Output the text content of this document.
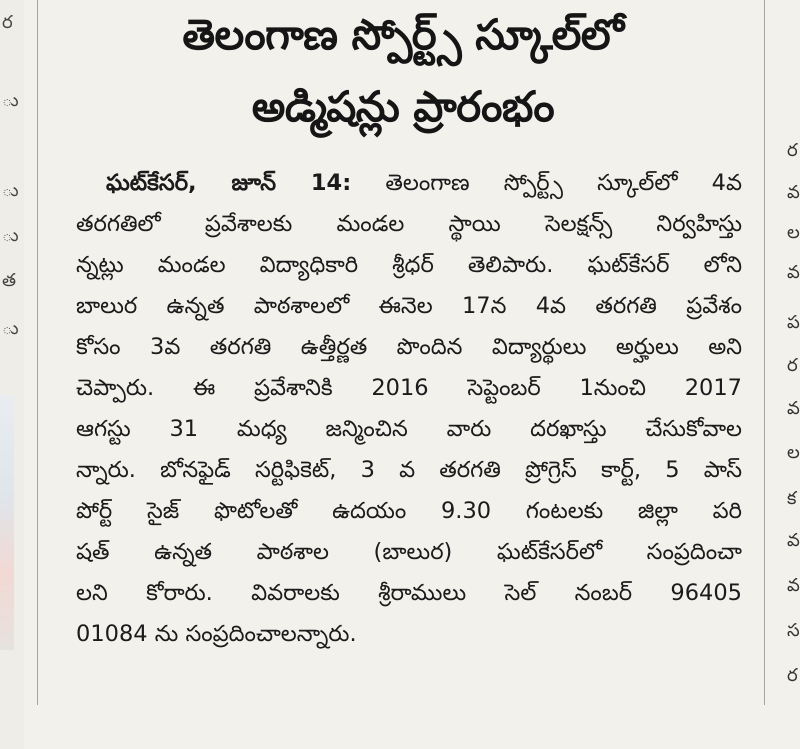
ర
ు
ు
ు
త
ు
ర
వ
ల
వ
ప
ర
వ
ల
క
వ
వ
స
ర
తెలంగాణ స్పోర్ట్స్ స్కూల్‌లో
అడ్మిషన్లు ప్రారంభం
ఘట్‌కేసర్, జూన్ 14: తెలంగాణ స్పోర్ట్స్ స్కూల్‌లో 4వ
తరగతిలో ప్రవేశాలకు మండల స్థాయి సెలక్షన్స్ నిర్వహిస్తు
న్నట్లు మండల విద్యాధికారి శ్రీధర్ తెలిపారు. ఘట్‌కేసర్ లోని
బాలుర ఉన్నత పాఠశాలలో ఈనెల 17న 4వ తరగతి ప్రవేశం
కోసం 3వ తరగతి ఉత్తీర్ణత పొందిన విద్యార్థులు అర్హులు అని
చెప్పారు. ఈ ప్రవేశానికి 2016 సెప్టెంబర్ 1నుంచి 2017
ఆగస్టు 31 మధ్య జన్మించిన వారు దరఖాస్తు చేసుకోవాల
న్నారు. బోనఫైడ్ సర్టిఫికెట్, 3 వ తరగతి ప్రోగ్రెస్ కార్ట్, 5 పాస్
పోర్ట్ సైజ్ ఫొటోలతో ఉదయం 9.30 గంటలకు జిల్లా పరి
షత్ ఉన్నత పాఠశాల (బాలుర) ఘట్‌కేసర్‌లో సంప్రదించా
లని కోరారు. వివరాలకు శ్రీరాములు సెల్ నంబర్ 96405
01084 ను సంప్రదించాలన్నారు.
